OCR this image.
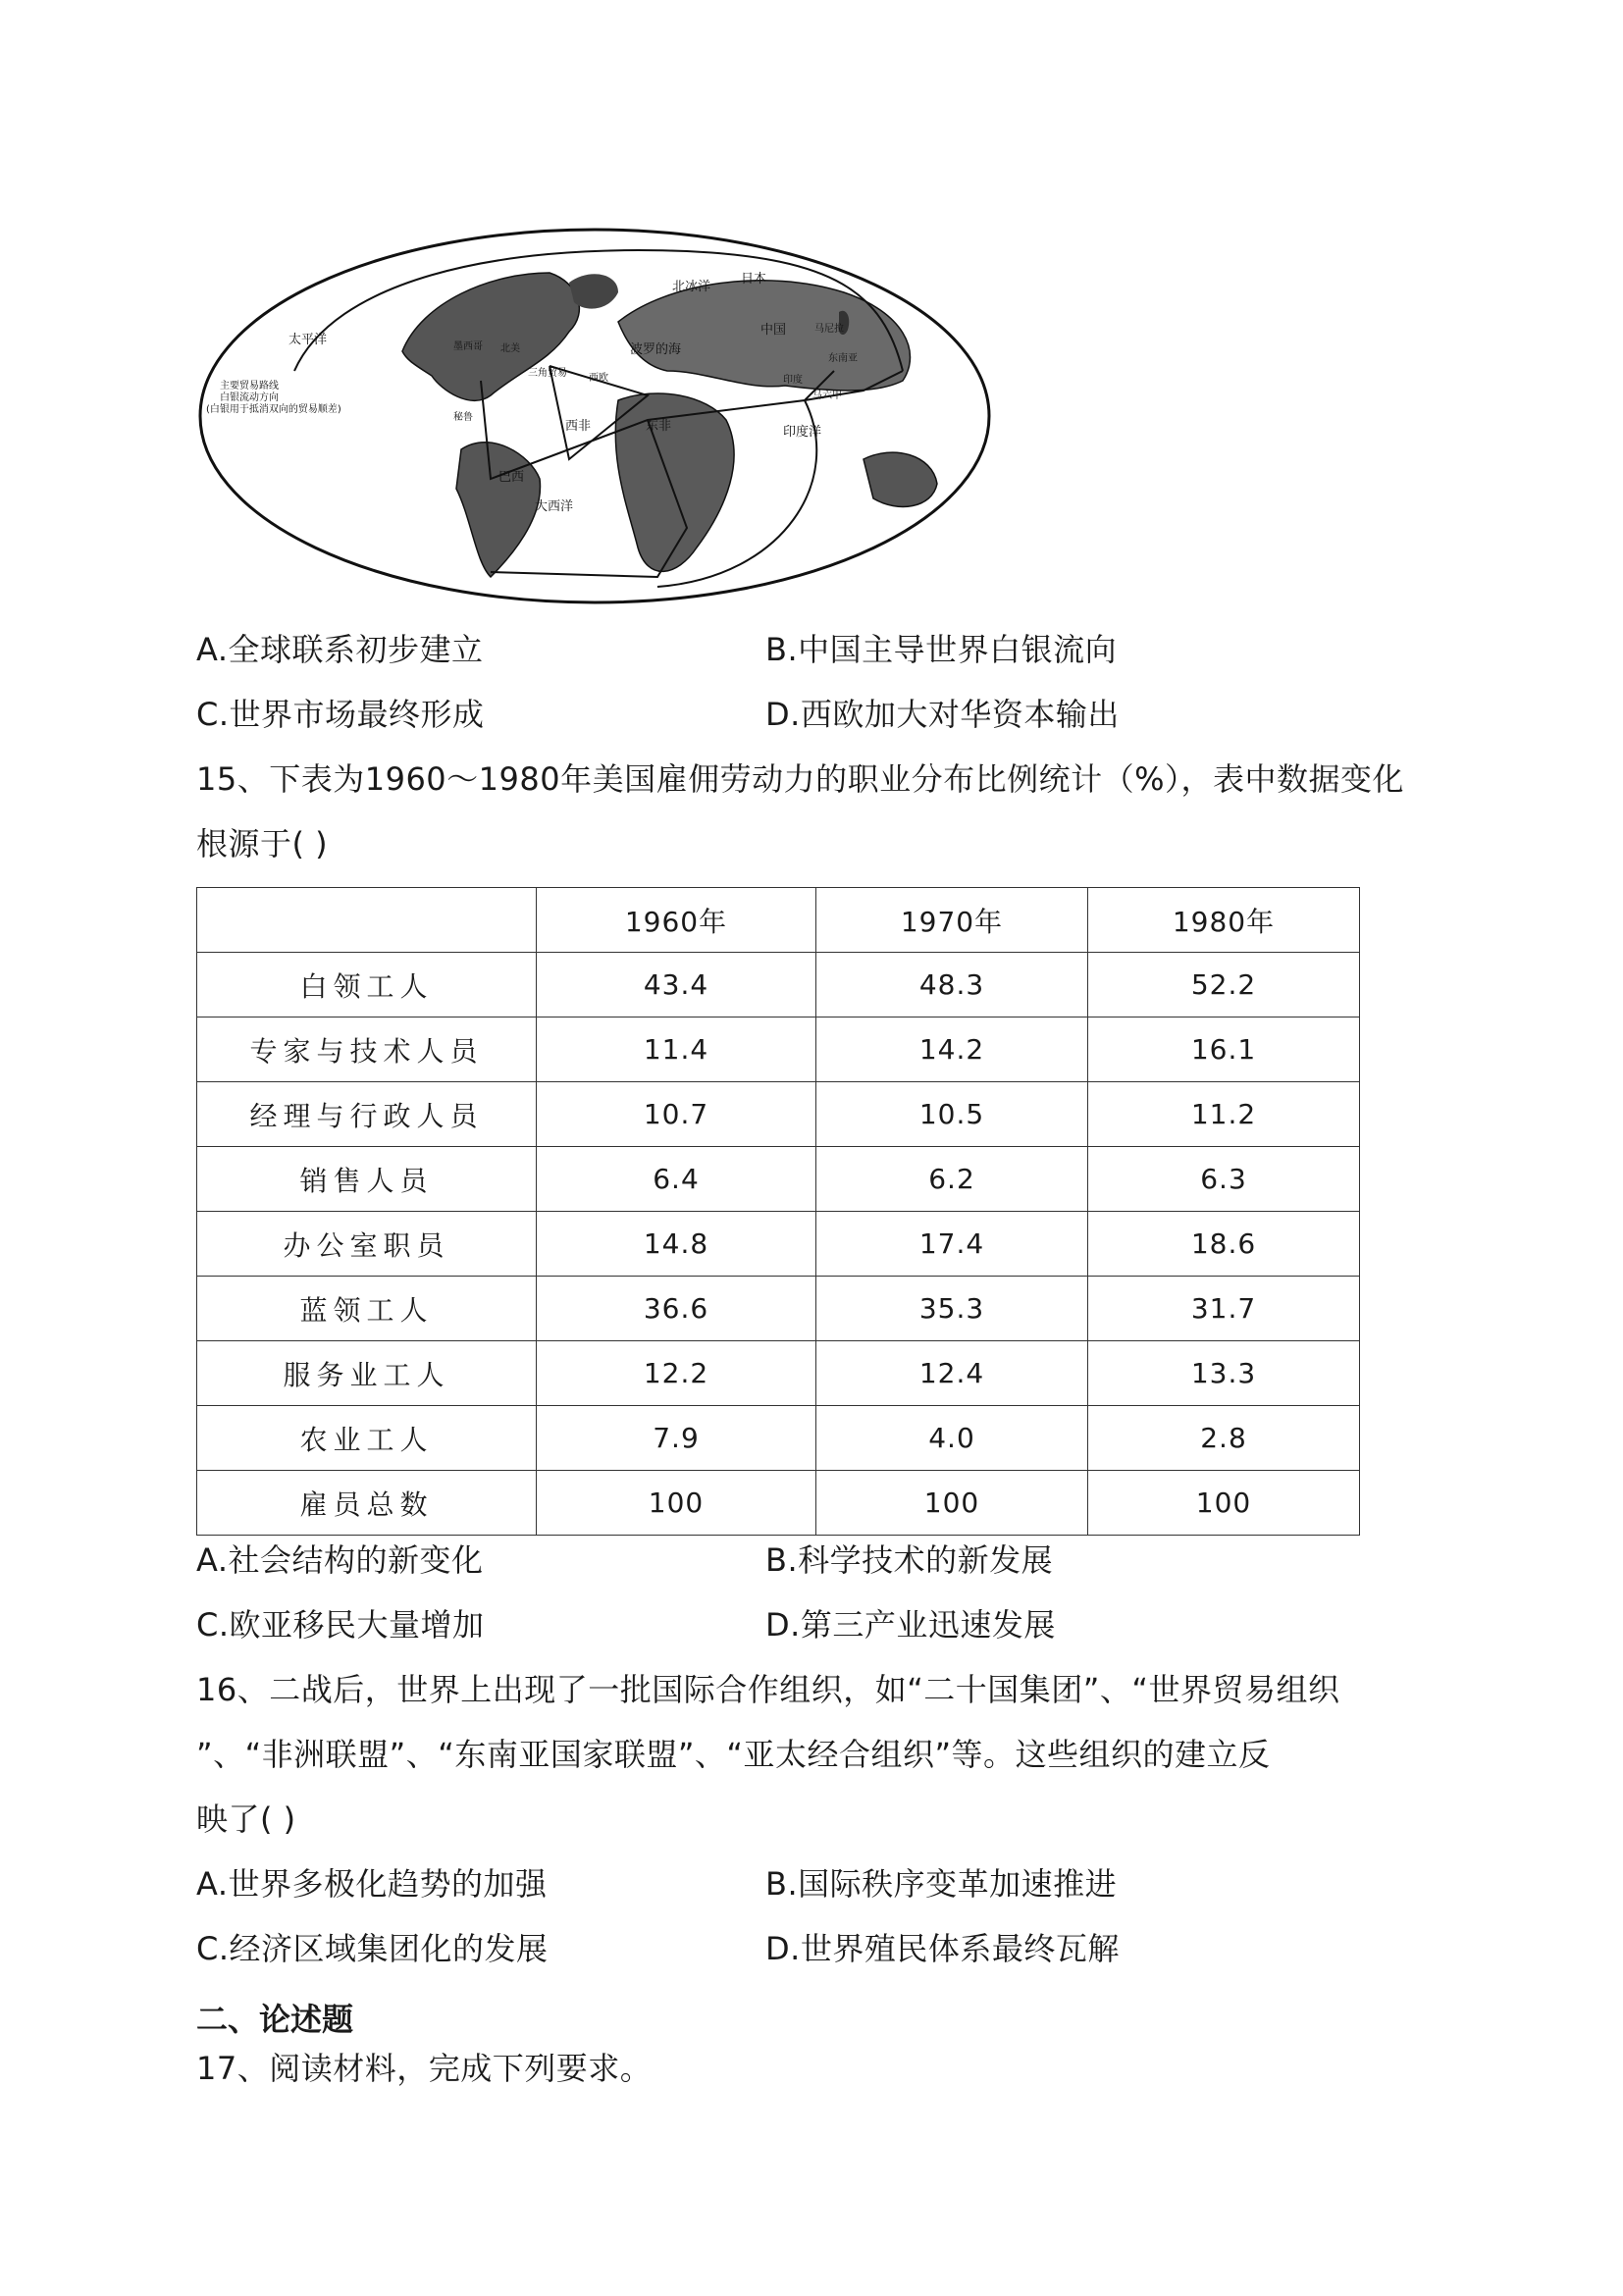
北冰洋
日本
太平洋
马尼拉
中国
东南亚
波罗的海
墨西哥 北美
三角贸易 西欧
西非	东非
秘鲁
巴西
大西洋
印度洋
印度
马六甲
主要贸易路线
白银流动方向
(白银用于抵消双向的贸易顺差)
A.全球联系初步建立	B.中国主导世界白银流向
C.世界市场最终形成	D.西欧加大对华资本输出
15、下表为1960～1980年美国雇佣劳动力的职业分布比例统计（%），表中数据变化
根源于( )
	1960年	1970年	1980年
白领工人	43.4	48.3	52.2
专家与技术人员	11.4	14.2	16.1
经理与行政人员	10.7	10.5	11.2
销售人员	6.4	6.2	6.3
办公室职员	14.8	17.4	18.6
蓝领工人	36.6	35.3	31.7
服务业工人	12.2	12.4	13.3
农业工人	7.9	4.0	2.8
雇员总数	100	100	100
A.社会结构的新变化	B.科学技术的新发展
C.欧亚移民大量增加	D.第三产业迅速发展
16、二战后，世界上出现了一批国际合作组织，如“二十国集团”、“世界贸易组织
”、“非洲联盟”、“东南亚国家联盟”、“亚太经合组织”等。这些组织的建立反
映了( )
A.世界多极化趋势的加强	B.国际秩序变革加速推进
C.经济区域集团化的发展	D.世界殖民体系最终瓦解
二、论述题
17、阅读材料，完成下列要求。
